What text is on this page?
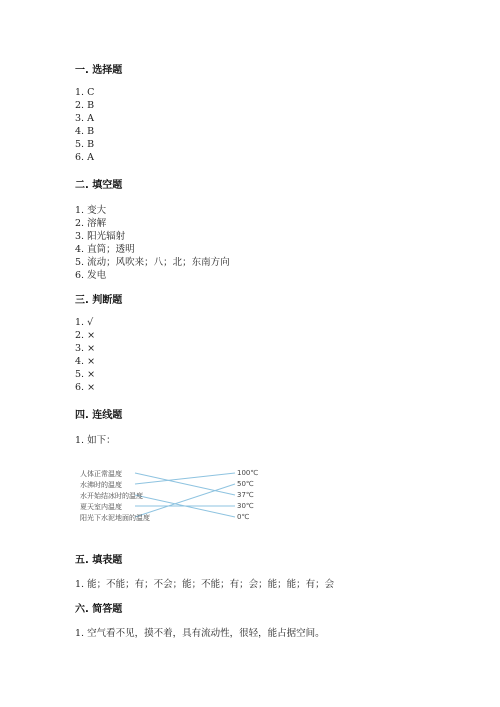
一. 选择题
1. C
2. B
3. A
4. B
5. B
6. A
二. 填空题
1. 变大
2. 溶解
3. 阳光辐射
4. 直筒；透明
5. 流动；风吹来；八；北；东南方向
6. 发电
三. 判断题
1. √
2. ×
3. ×
4. ×
5. ×
6. ×
四. 连线题
1. 如下：
人体正常温度
水沸时的温度
水开始结冰时的温度
夏天室内温度
阳光下水泥地面的温度
100℃
50℃
37℃
30℃
0℃
五. 填表题
1. 能；不能；有；不会；能；不能；有；会；能；能；有；会
六. 简答题
1. 空气看不见，摸不着，具有流动性，很轻，能占据空间。
